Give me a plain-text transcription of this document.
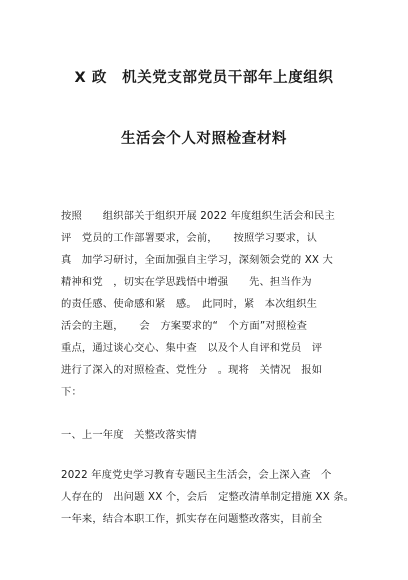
X 政　机关党支部党员干部年上度组织
生活会个人对照检查材料
按照　　组织部关于组织开展 2022 年度组织生活会和民主
评　党员的工作部署要求，会前，　　按照学习要求，认
真　加学习研讨，全面加强自主学习，深刻领会党的 XX 大
精神和党　，切实在学思践悟中增强　　先、担当作为
的责任感、使命感和紧　感。　此同时，紧　本次组织生
活会的主题，　　会　方案要求的“　个方面”对照检查
重点，通过谈心交心、集中查　以及个人自评和党员　评
进行了深入的对照检查、党性分　。现将　关情况　报如
下：
一、上一年度　关整改落实情
2022 年度党史学习教育专题民主生活会，会上深入查　个
人存在的　出问题 XX 个，会后　定整改清单制定措施 XX 条。
一年来，结合本职工作，抓实存在问题整改落实，目前全
